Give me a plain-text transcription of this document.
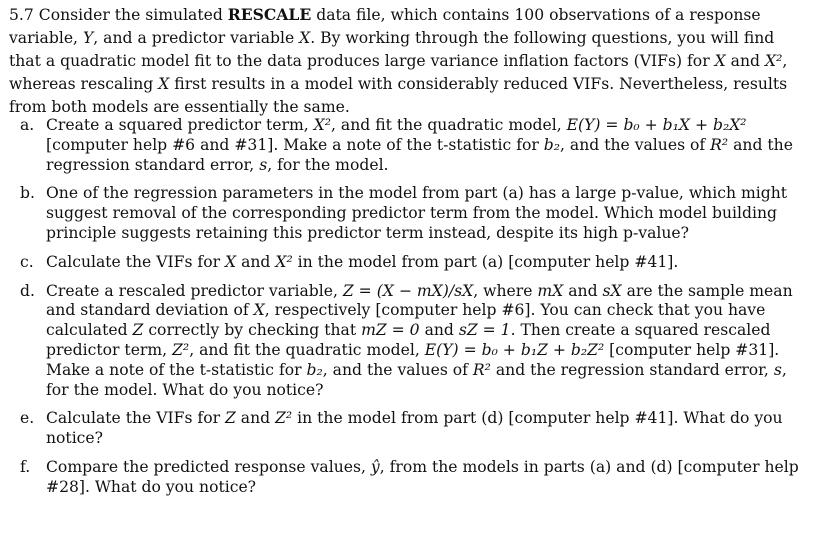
5.7 Consider the simulated RESCALE data file, which contains 100 observations of a response variable, Y, and a predictor variable X. By working through the following questions, you will find that a quadratic model fit to the data produces large variance inflation factors (VIFs) for X and X², whereas rescaling X first results in a model with considerably reduced VIFs. Nevertheless, results from both models are essentially the same.
a. Create a squared predictor term, X², and fit the quadratic model, E(Y) = b₀ + b₁X + b₂X² [computer help #6 and #31]. Make a note of the t-statistic for b₂, and the values of R² and the regression standard error, s, for the model.
b. One of the regression parameters in the model from part (a) has a large p-value, which might suggest removal of the corresponding predictor term from the model. Which model building principle suggests retaining this predictor term instead, despite its high p-value?
c. Calculate the VIFs for X and X² in the model from part (a) [computer help #41].
d. Create a rescaled predictor variable, Z = (X − mX)/sX, where mX and sX are the sample mean and standard deviation of X, respectively [computer help #6]. You can check that you have calculated Z correctly by checking that mZ = 0 and sZ = 1. Then create a squared rescaled predictor term, Z², and fit the quadratic model, E(Y) = b₀ + b₁Z + b₂Z² [computer help #31]. Make a note of the t-statistic for b₂, and the values of R² and the regression standard error, s, for the model. What do you notice?
e. Calculate the VIFs for Z and Z² in the model from part (d) [computer help #41]. What do you notice?
f. Compare the predicted response values, ŷ, from the models in parts (a) and (d) [computer help #28]. What do you notice?
